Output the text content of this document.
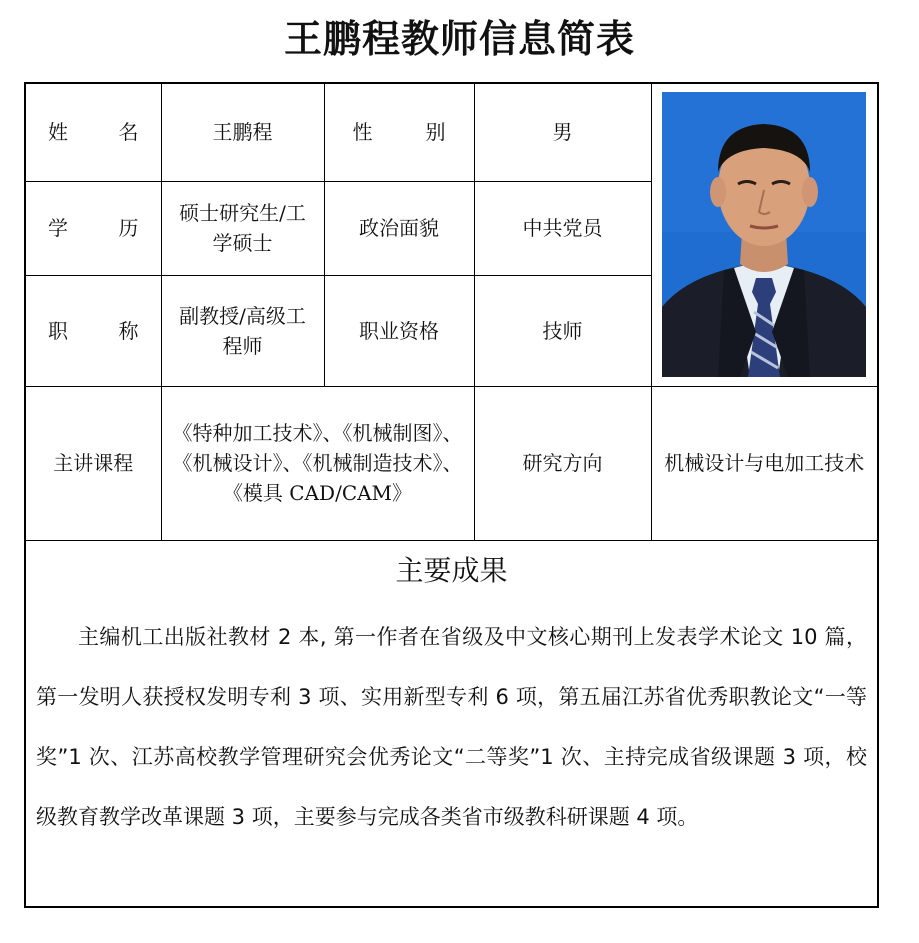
王鹏程教师信息简表
姓 名	王鹏程	性 别	男	

学 历	硕士研究生/工学硕士	政治面貌	中共党员	

职 称	副教授/高级工程师	职业资格	技师	
主讲课程	《特种加工技术》、《机械制图》、《机械设计》、《机械制造技术》、《模具 CAD/CAM》		研究方向	机械设计与电加工技术
主要成果
主编机工出版社教材 2 本, 第一作者在省级及中文核心期刊上发表学术论文 10 篇，第一发明人获授权发明专利 3 项、实用新型专利 6 项，第五届江苏省优秀职教论文“一等奖”1 次、江苏高校教学管理研究会优秀论文“二等奖”1 次、主持完成省级课题 3 项，校级教育教学改革课题 3 项，主要参与完成各类省市级教科研课题 4 项。
